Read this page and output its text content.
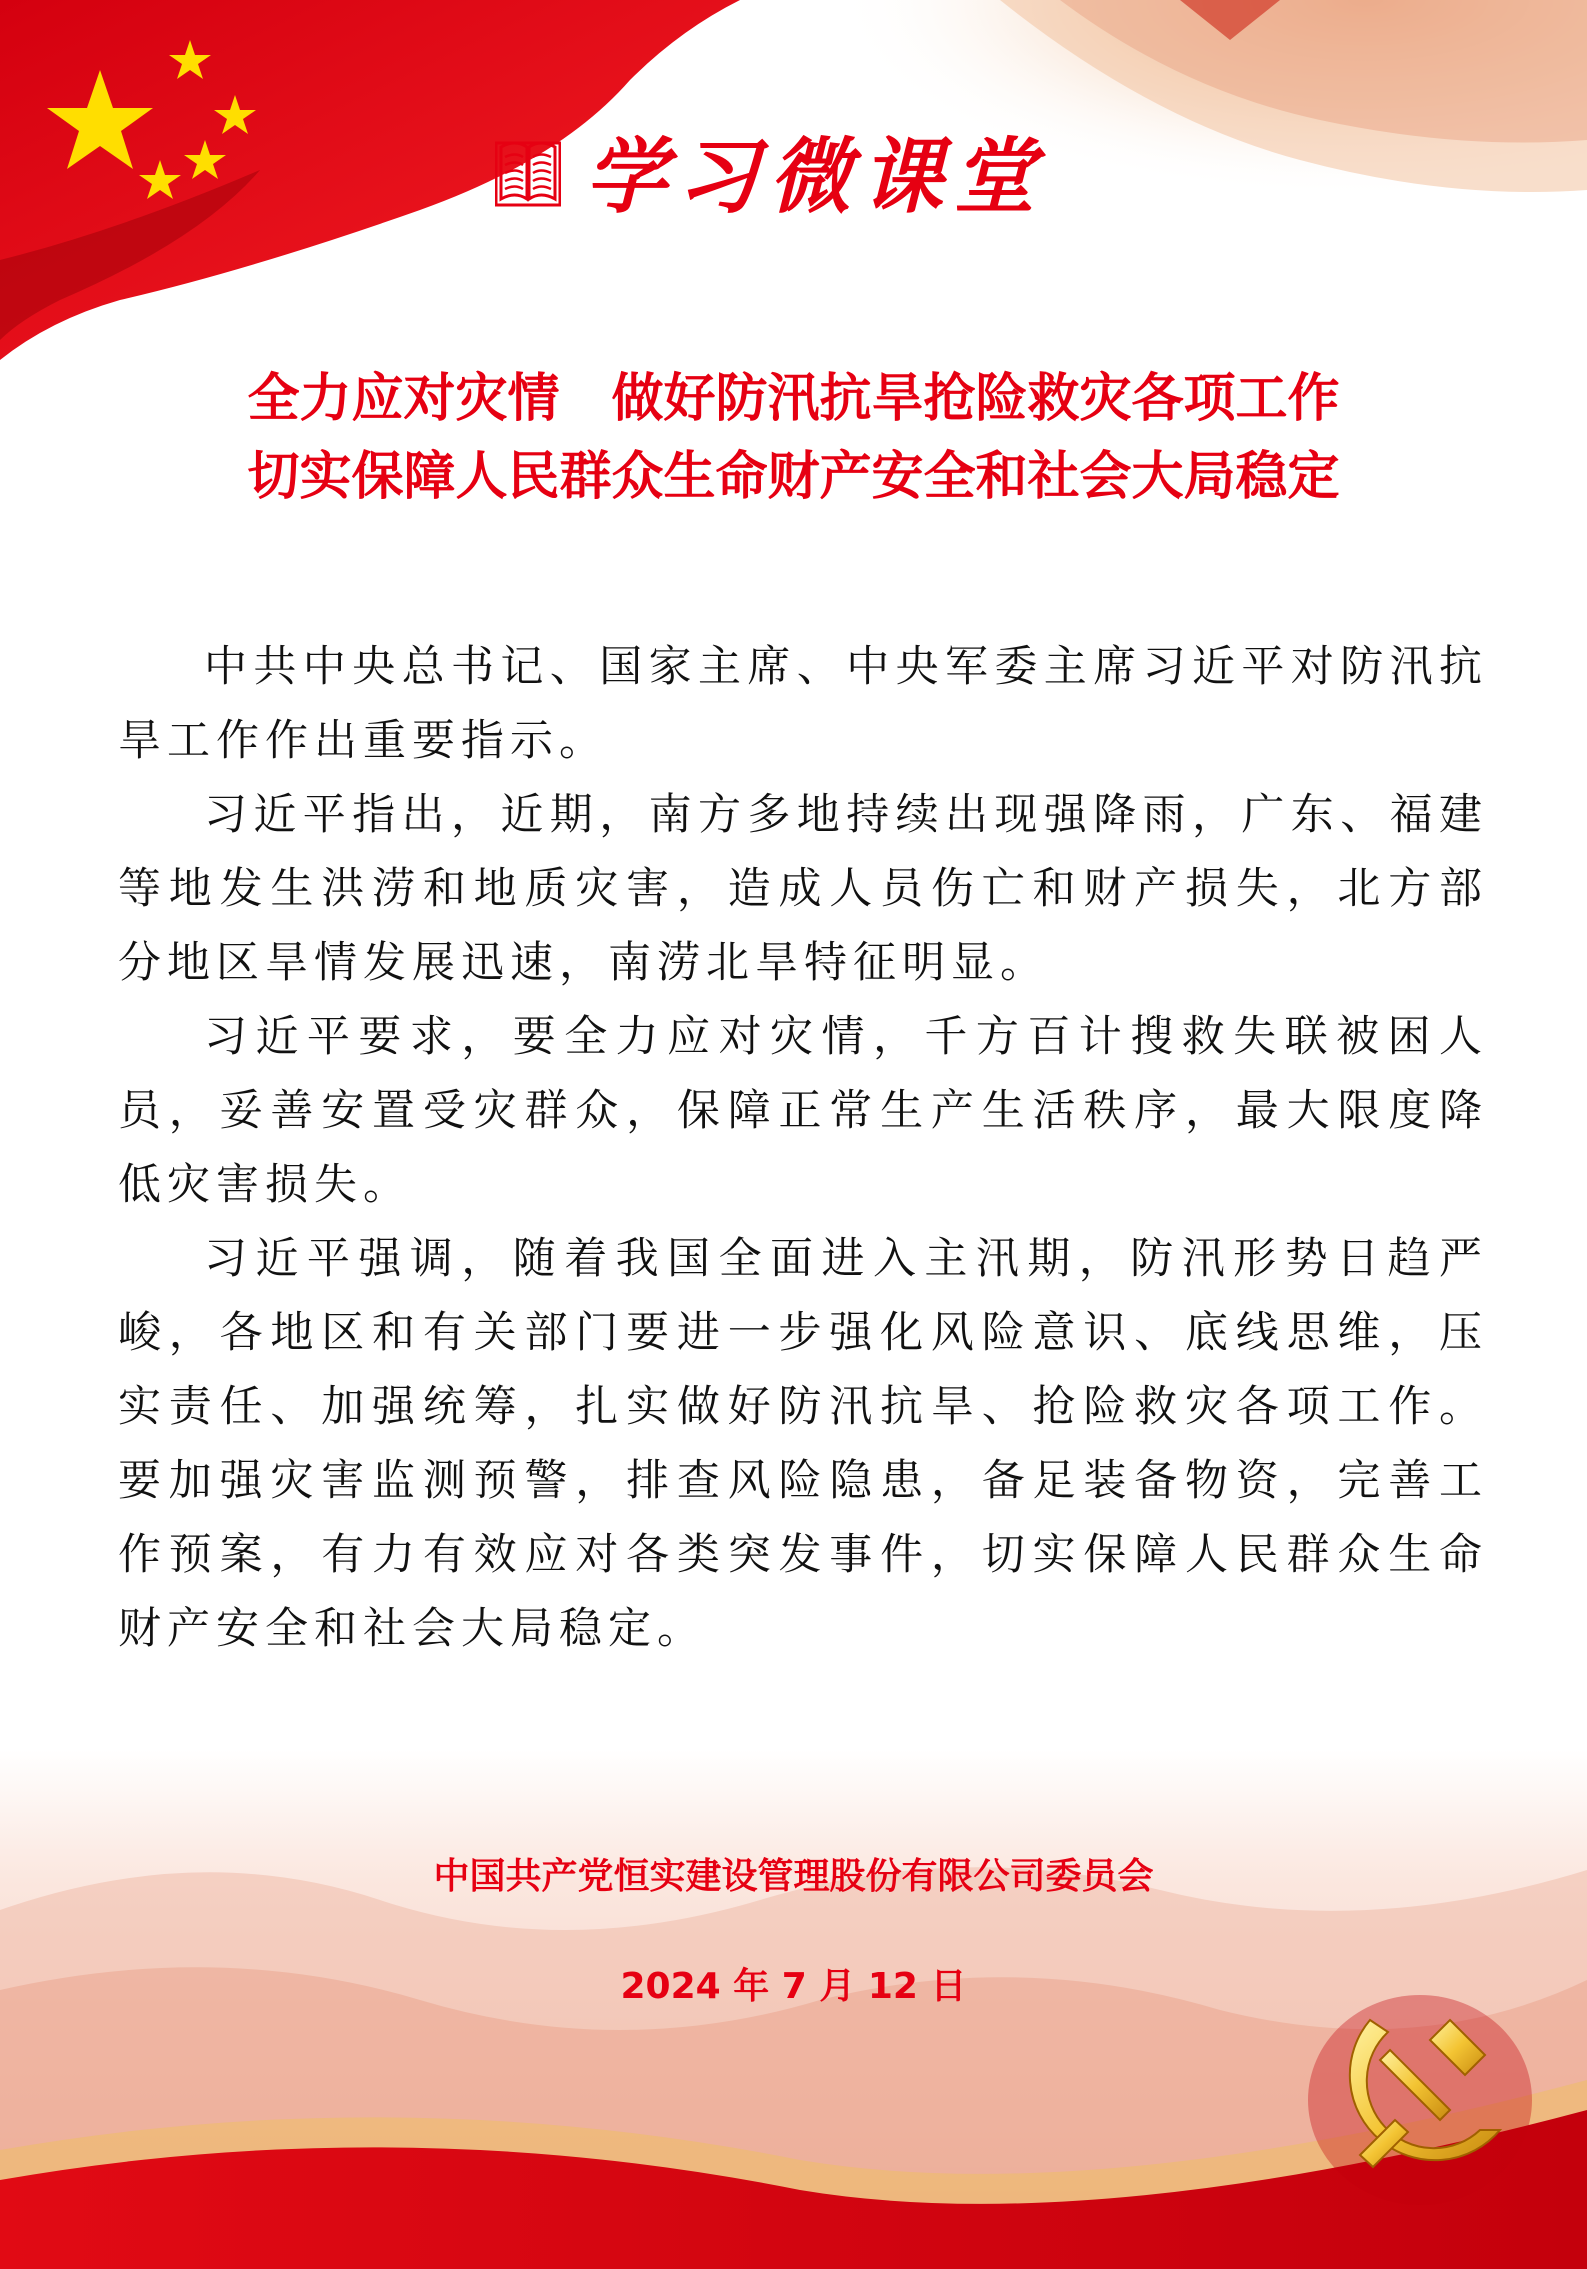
学习微课堂
全力应对灾情　做好防汛抗旱抢险救灾各项工作
切实保障人民群众生命财产安全和社会大局稳定

中共中央总书记、国家主席、中央军委主席习近平对防汛抗旱工作作出重要指示。

习近平指出，近期，南方多地持续出现强降雨，广东、福建等地发生洪涝和地质灾害，造成人员伤亡和财产损失，北方部分地区旱情发展迅速，南涝北旱特征明显。

习近平要求，要全力应对灾情，千方百计搜救失联被困人员，妥善安置受灾群众，保障正常生产生活秩序，最大限度降低灾害损失。

习近平强调，随着我国全面进入主汛期，防汛形势日趋严峻，各地区和有关部门要进一步强化风险意识、底线思维，压实责任、加强统筹，扎实做好防汛抗旱、抢险救灾各项工作。要加强灾害监测预警，排查风险隐患，备足装备物资，完善工作预案，有力有效应对各类突发事件，切实保障人民群众生命财产安全和社会大局稳定。

中国共产党恒实建设管理股份有限公司委员会
2024 年 7 月 12 日
